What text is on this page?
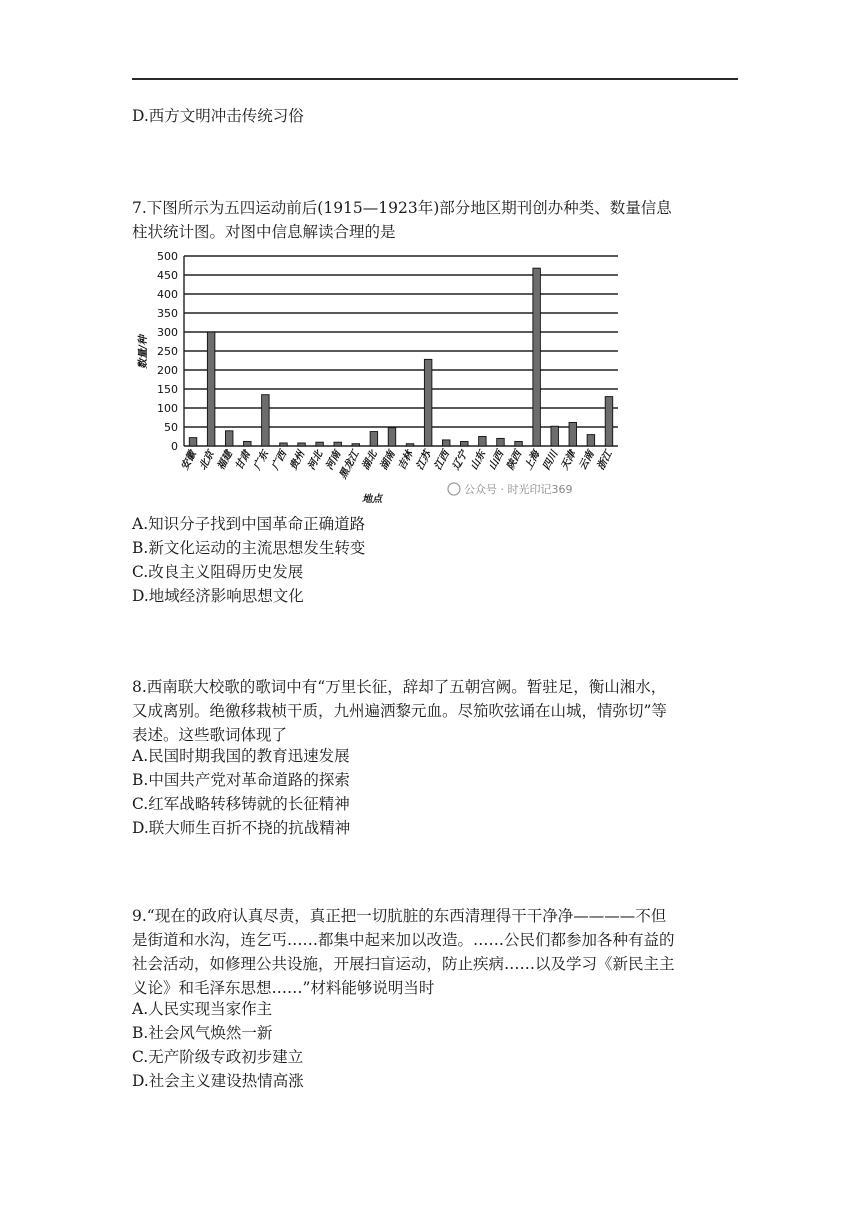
D.西方文明冲击传统习俗
7.下图所示为五四运动前后(1915—1923年)部分地区期刊创办种类、数量信息
柱状统计图。对图中信息解读合理的是
0
50
100
150
200
250
300
350
400
450
500
安徽
北京
福建
甘肃
广东
广西
贵州
河北
河南
黑龙江
湖北
湖南
吉林
江苏
江西
辽宁
山东
山西
陕西
上海
四川
天津
云南
浙江
数量/种
地点
公众号 · 时光印记369
A.知识分子找到中国革命正确道路
B.新文化运动的主流思想发生转变
C.改良主义阻碍历史发展
D.地域经济影响思想文化
8.西南联大校歌的歌词中有“万里长征，辞却了五朝宫阙。暂驻足，衡山湘水，
又成离别。绝徼移栽桢干质，九州遍洒黎元血。尽笳吹弦诵在山城，情弥切”等
表述。这些歌词体现了
A.民国时期我国的教育迅速发展
B.中国共产党对革命道路的探索
C.红军战略转移铸就的长征精神
D.联大师生百折不挠的抗战精神
9.“现在的政府认真尽责，真正把一切肮脏的东西清理得干干净净————不但
是街道和水沟，连乞丐……都集中起来加以改造。……公民们都参加各种有益的
社会活动，如修理公共设施，开展扫盲运动，防止疾病……以及学习《新民主主
义论》和毛泽东思想……”材料能够说明当时
A.人民实现当家作主
B.社会风气焕然一新
C.无产阶级专政初步建立
D.社会主义建设热情高涨
